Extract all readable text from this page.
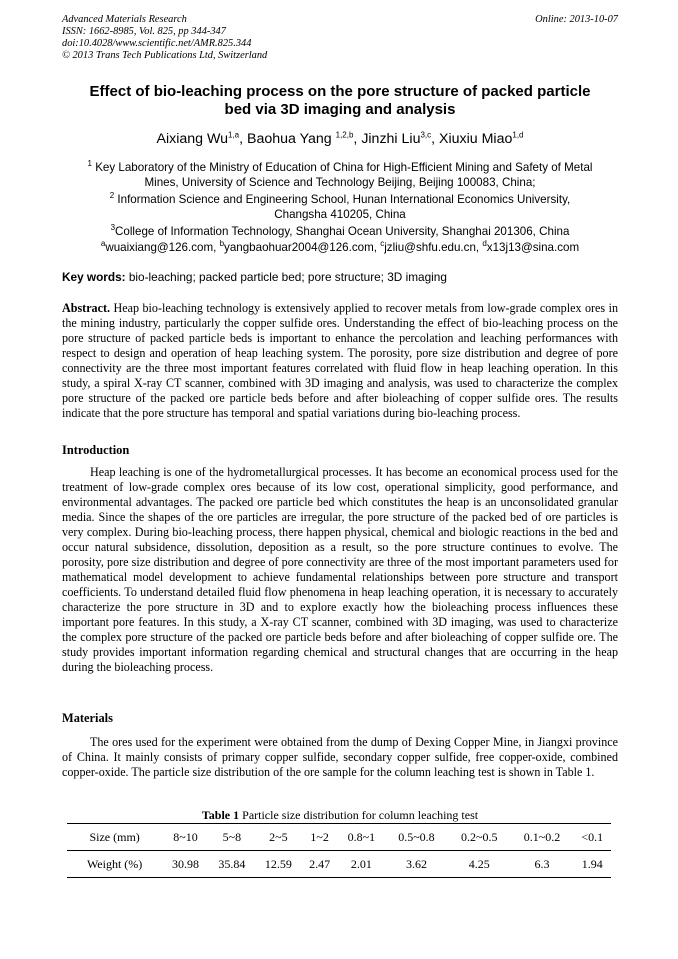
Advanced Materials Research
ISSN: 1662-8985, Vol. 825, pp 344-347
doi:10.4028/www.scientific.net/AMR.825.344
© 2013 Trans Tech Publications Ltd, Switzerland
Online: 2013-10-07
Effect of bio-leaching process on the pore structure of packed particle
bed via 3D imaging and analysis
Aixiang Wu$^{1,a}$, Baohua Yang $^{1,2,b}$, Jinzhi Liu$^{3,c}$, Xiuxiu Miao$^{1,d}$
$^1$ Key Laboratory of the Ministry of Education of China for High-Efficient Mining and Safety of Metal
Mines, University of Science and Technology Beijing, Beijing 100083, China;
$^2$ Information Science and Engineering School, Hunan International Economics University,
Changsha 410205, China
$^3$College of Information Technology, Shanghai Ocean University, Shanghai 201306, China
$^a$wuaixiang@126.com, $^b$yangbaohuar2004@126.com, $^c$jzliu@shfu.edu.cn, $^d$x13j13@sina.com
Key words: bio-leaching; packed particle bed; pore structure; 3D imaging
Abstract. Heap bio-leaching technology is extensively applied to recover metals from low-grade complex ores in the mining industry, particularly the copper sulfide ores. Understanding the effect of bio-leaching process on the pore structure of packed particle beds is important to enhance the percolation and leaching performances with respect to design and operation of heap leaching system. The porosity, pore size distribution and degree of pore connectivity are the three most important features correlated with fluid flow in heap leaching operation. In this study, a spiral X-ray CT scanner, combined with 3D imaging and analysis, was used to characterize the complex pore structure of the packed ore particle beds before and after bioleaching of copper sulfide ores. The results indicate that the pore structure has temporal and spatial variations during bio-leaching process.
Introduction
Heap leaching is one of the hydrometallurgical processes. It has become an economical process used for the treatment of low-grade complex ores because of its low cost, operational simplicity, good performance, and environmental advantages. The packed ore particle bed which constitutes the heap is an unconsolidated granular media. Since the shapes of the ore particles are irregular, the pore structure of the packed bed of ore particles is very complex. During bio-leaching process, there happen physical, chemical and biologic reactions in the bed and occur natural subsidence, dissolution, deposition as a result, so the pore structure continues to evolve. The porosity, pore size distribution and degree of pore connectivity are three of the most important parameters used for mathematical model development to achieve fundamental relationships between pore structure and transport coefficients. To understand detailed fluid flow phenomena in heap leaching operation, it is necessary to accurately characterize the pore structure in 3D and to explore exactly how the bioleaching process influences these important pore features. In this study, a X-ray CT scanner, combined with 3D imaging, was used to characterize the complex pore structure of the packed ore particle beds before and after bioleaching of copper sulfide ore. The study provides important information regarding chemical and structural changes that are occurring in the heap during the bioleaching process.
Materials
The ores used for the experiment were obtained from the dump of Dexing Copper Mine, in Jiangxi province of China. It mainly consists of primary copper sulfide, secondary copper sulfide, free copper-oxide, combined copper-oxide. The particle size distribution of the ore sample for the column leaching test is shown in Table 1.
Table 1 Particle size distribution for column leaching test
Size (mm)	8~10	5~8	2~5	1~2	0.8~1	0.5~0.8	0.2~0.5	0.1~0.2	<0.1
Weight (%)	30.98	35.84	12.59	2.47	2.01	3.62	4.25	6.3	1.94
